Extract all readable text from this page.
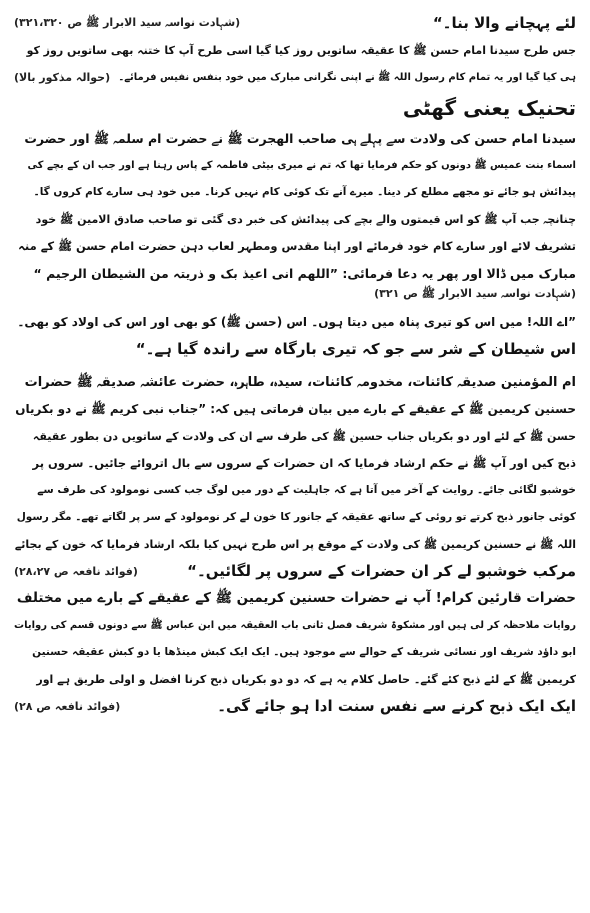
لئے پہچانے والا بنا۔“
(شہادت نواسہ سید الابرار ﷺ ص ۳۲۱،۳۲۰)
جس طرح سیدنا امام حسن ﷺ کا عقیقہ ساتویں روز کیا گیا اسی طرح آپ کا ختنہ بھی ساتویں روز کو
ہی کیا گیا اور یہ تمام کام رسول اللہ ﷺ نے اپنی نگرانی مبارک میں خود بنفس نفیس فرمائے۔
(حوالہ مذکور بالا)
تحنیک یعنی گھٹی
سیدنا امام حسن کی ولادت سے پہلے ہی صاحب الھجرت ﷺ نے حضرت ام سلمہ ﷺ اور حضرت
اسماء بنت عمیس ﷺ دونوں کو حکم فرمایا تھا کہ تم نے میری بیٹی فاطمہ کے پاس رہنا ہے اور جب ان کے بچے کی
پیدائش ہو جائے تو مجھے مطلع کر دینا۔ میرے آنے تک کوئی کام نہیں کرنا۔ میں خود ہی سارے کام کروں گا۔
چنانچہ جب آپ ﷺ کو اس قیمتوں والے بچے کی پیدائش کی خبر دی گئی تو صاحب صادق الامین ﷺ خود
تشریف لائے اور سارے کام خود فرمائے اور اپنا مقدس ومطہر لعاب دہن حضرت امام حسن ﷺ کے منہ
مبارک میں ڈالا اور پھر یہ دعا فرمائی: ”اللھم انی اعیذ بک و ذریتہ من الشیطان الرجیم “
(شہادت نواسہ سید الابرار ﷺ ص ۳۲۱)
”اے اللہ! میں اس کو تیری پناہ میں دیتا ہوں۔ اس (حسن ﷺ) کو بھی اور اس کی اولاد کو بھی۔
اس شیطان کے شر سے جو کہ تیری بارگاہ سے راندہ گیا ہے۔“
ام المؤمنین صدیقہ کائنات، مخدومہ کائنات، سیدہ، طاہرہ، حضرت عائشہ صدیقہ ﷺ حضرات
حسنین کریمین ﷺ کے عقیقے کے بارے میں بیان فرماتی ہیں کہ: ”جناب نبی کریم ﷺ نے دو بکریاں
حسن ﷺ کے لئے اور دو بکریاں جناب حسین ﷺ کی طرف سے ان کی ولادت کے ساتویں دن بطور عقیقہ
ذبح کیں اور آپ ﷺ نے حکم ارشاد فرمایا کہ ان حضرات کے سروں سے بال اتروائے جائیں۔ سروں پر
خوشبو لگائی جائے۔ روایت کے آخر میں آتا ہے کہ جاہلیت کے دور میں لوگ جب کسی نومولود کی طرف سے
کوئی جانور ذبح کرتے تو روئی کے ساتھ عقیقہ کے جانور کا خون لے کر نومولود کے سر پر لگاتے تھے۔ مگر رسول
اللہ ﷺ نے حسنین کریمین ﷺ کی ولادت کے موقع پر اس طرح نہیں کیا بلکہ ارشاد فرمایا کہ خون کے بجائے
مرکب خوشبو لے کر ان حضرات کے سروں پر لگائیں۔“
(فوائد نافعہ ص ۲۸،۲۷)
حضرات قارئین کرام! آپ نے حضرات حسنین کریمین ﷺ کے عقیقے کے بارے میں مختلف
روایات ملاحظہ کر لی ہیں اور مشکوۃ شریف فصل ثانی باب العقیقہ میں ابن عباس ﷺ سے دونوں قسم کی روایات
ابو داؤد شریف اور نسائی شریف کے حوالے سے موجود ہیں۔ ایک ایک کبش مینڈھا یا دو کبش عقیقہ حسنین
کریمین ﷺ کے لئے ذبح کئے گئے۔ حاصل کلام یہ ہے کہ دو دو بکریاں ذبح کرنا افضل و اولی طریق ہے اور
ایک ایک ذبح کرنے سے نفس سنت ادا ہو جائے گی۔
(فوائد نافعہ ص ۲۸)
